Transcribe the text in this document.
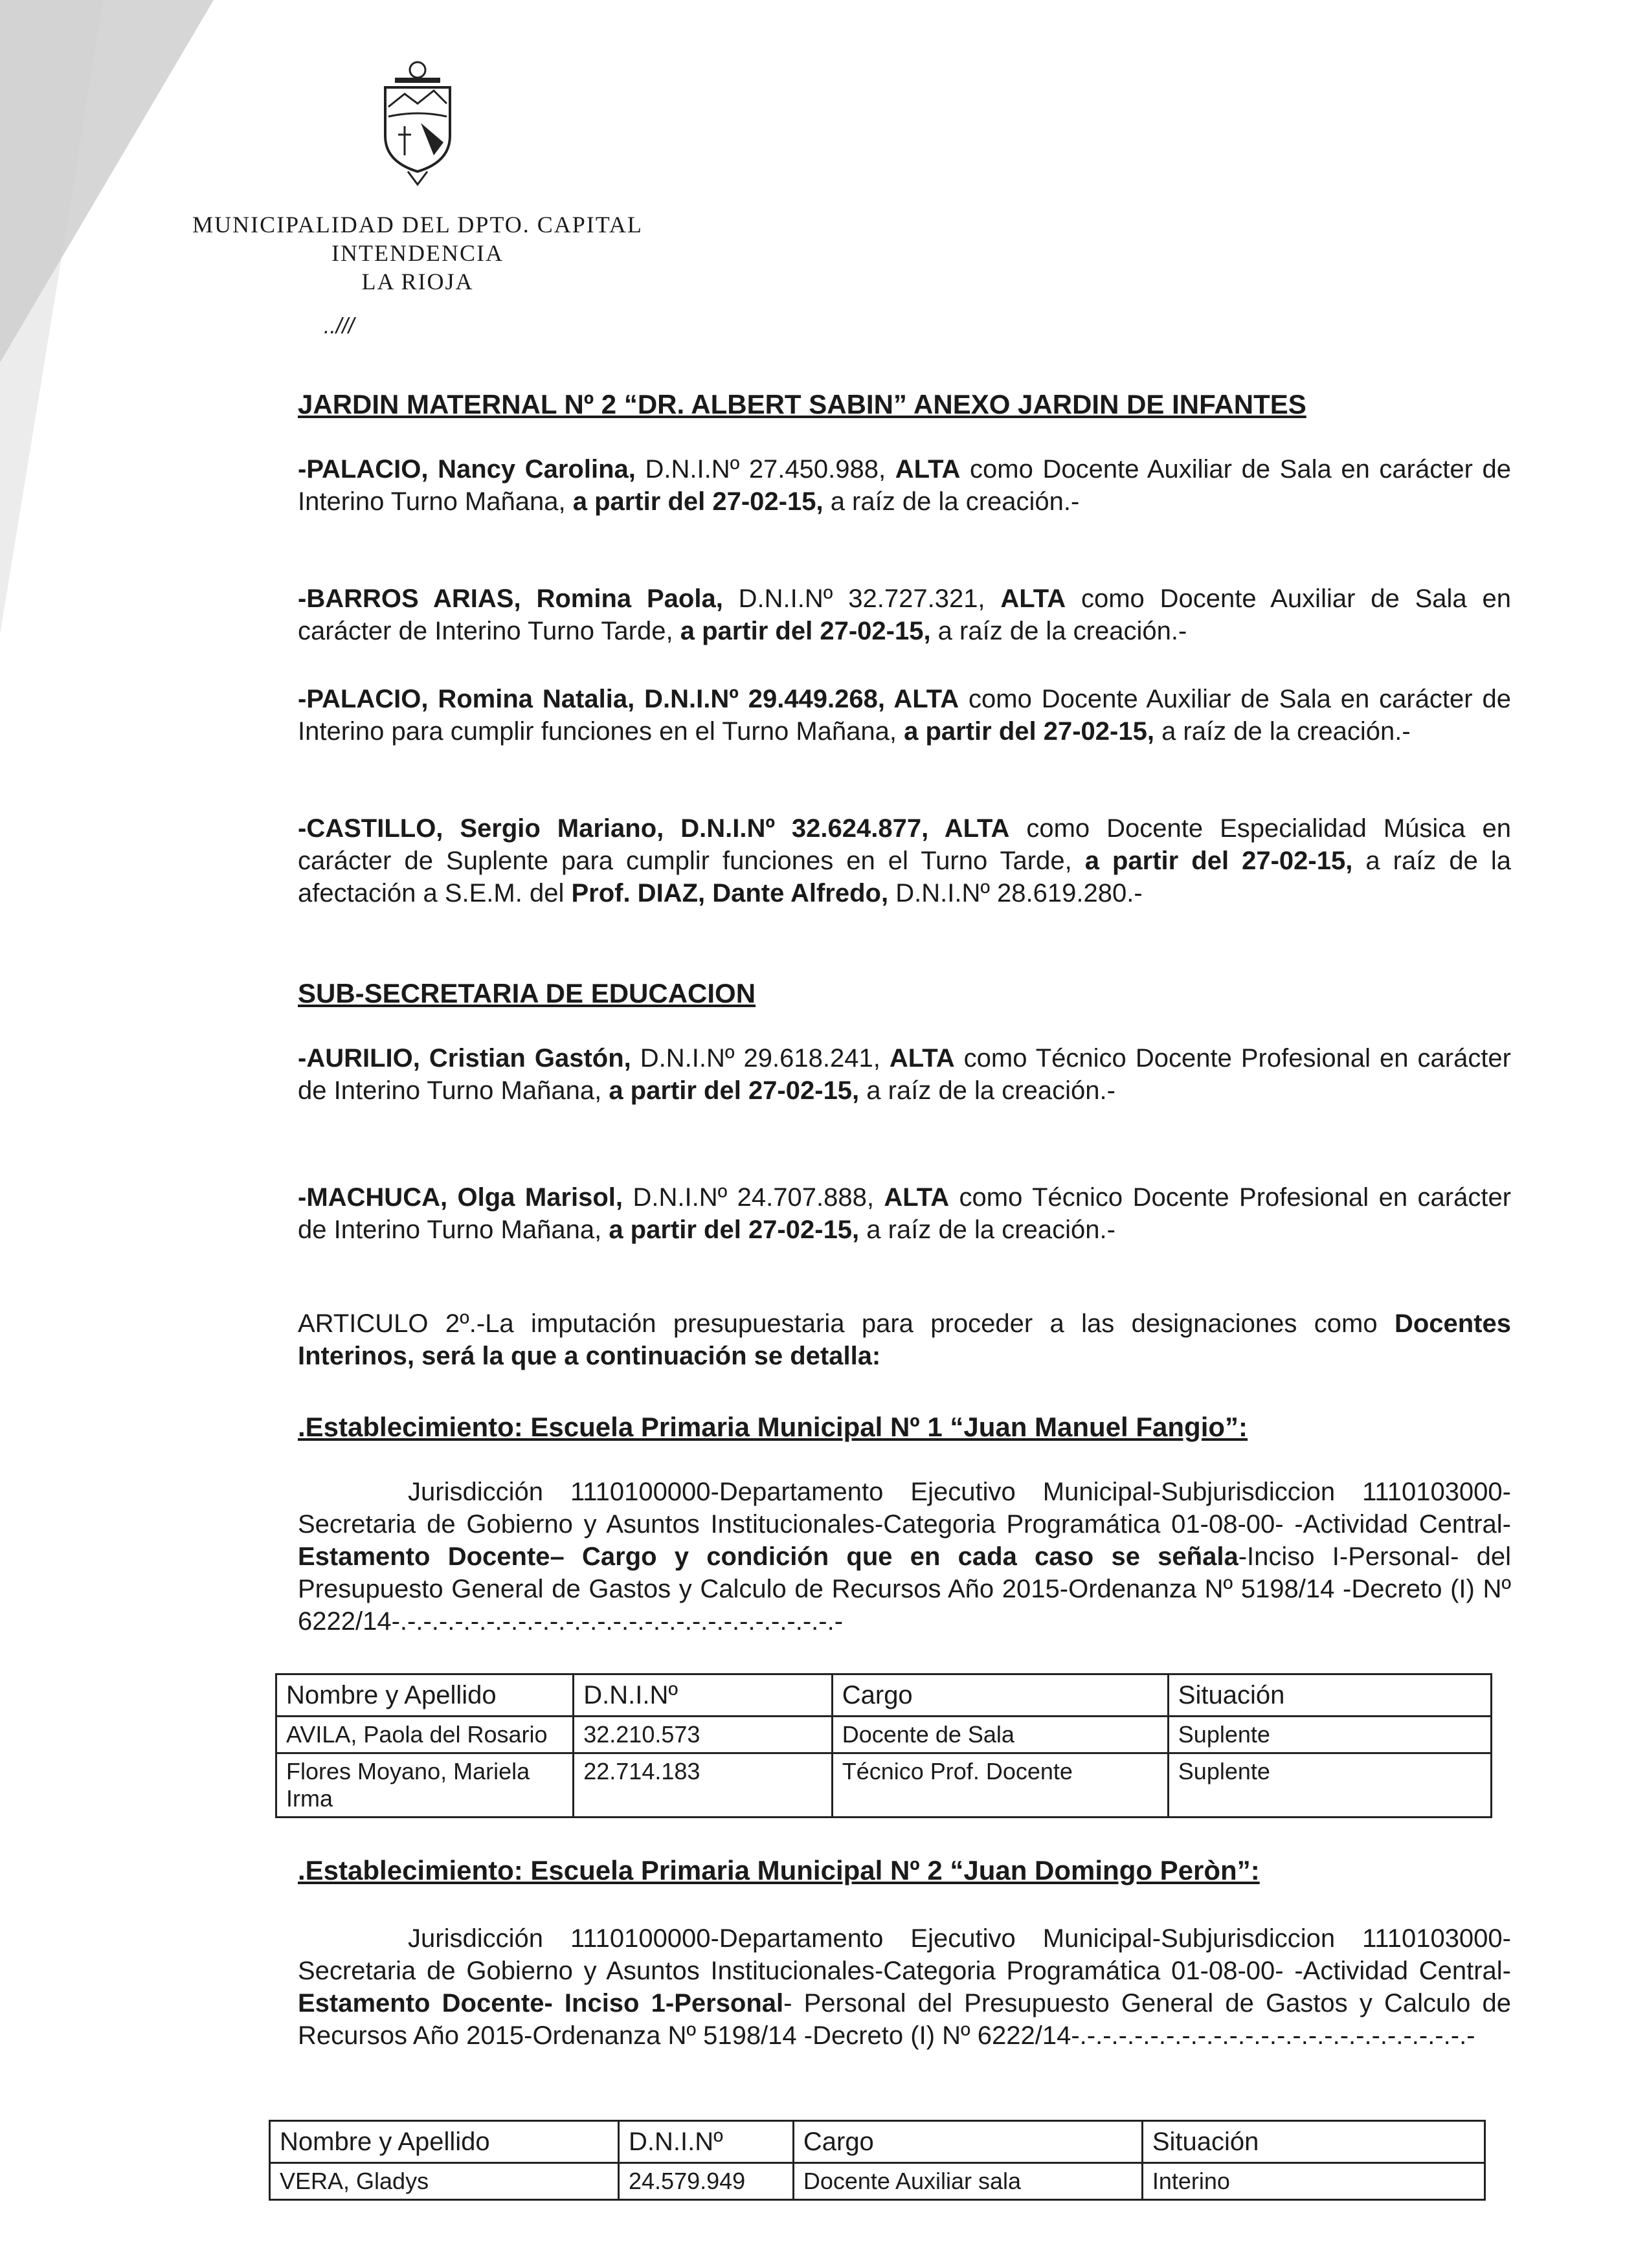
MUNICIPALIDAD DEL DPTO. CAPITAL
INTENDENCIA
LA RIOJA
..///
JARDIN MATERNAL Nº 2 “DR. ALBERT SABIN” ANEXO JARDIN DE INFANTES
-PALACIO, Nancy Carolina, D.N.I.Nº 27.450.988, ALTA como Docente Auxiliar de Sala en carácter de Interino Turno Mañana, a partir del 27-02-15, a raíz de la creación.-
-BARROS ARIAS, Romina Paola, D.N.I.Nº 32.727.321, ALTA como Docente Auxiliar de Sala en carácter de Interino Turno Tarde, a partir del 27-02-15, a raíz de la creación.-
-PALACIO, Romina Natalia, D.N.I.Nº 29.449.268, ALTA como Docente Auxiliar de Sala en carácter de Interino para cumplir funciones en el Turno Mañana, a partir del 27-02-15, a raíz de la creación.-
-CASTILLO, Sergio Mariano, D.N.I.Nº 32.624.877, ALTA como Docente Especialidad Música en carácter de Suplente para cumplir funciones en el Turno Tarde, a partir del 27-02-15, a raíz de la afectación a S.E.M. del Prof. DIAZ, Dante Alfredo, D.N.I.Nº 28.619.280.-
SUB-SECRETARIA DE EDUCACION
-AURILIO, Cristian Gastón, D.N.I.Nº 29.618.241, ALTA como Técnico Docente Profesional en carácter de Interino Turno Mañana, a partir del 27-02-15, a raíz de la creación.-
-MACHUCA, Olga Marisol, D.N.I.Nº 24.707.888, ALTA como Técnico Docente Profesional en carácter de Interino Turno Mañana, a partir del 27-02-15, a raíz de la creación.-
ARTICULO 2º.-La imputación presupuestaria para proceder a las designaciones como Docentes Interinos, será la que a continuación se detalla:
.Establecimiento: Escuela Primaria Municipal Nº 1 “Juan Manuel Fangio”:
Jurisdicción 1110100000-Departamento Ejecutivo Municipal-Subjurisdiccion 1110103000-Secretaria de Gobierno y Asuntos Institucionales-Categoria Programática 01-08-00- -Actividad Central-Estamento Docente– Cargo y condición que en cada caso se señala-Inciso I-Personal- del Presupuesto General de Gastos y Calculo de Recursos Año 2015-Ordenanza Nº 5198/14 -Decreto (I) Nº 6222/14-.-.-.-.-.-.-.-.-.-.-.-.-.-.-.-.-.-.-.-.-.-.-.-.-.-.-.-.-
Nombre y Apellido	D.N.I.Nº	Cargo	Situación
AVILA, Paola del Rosario	32.210.573	Docente de Sala	Suplente
Flores Moyano, Mariela Irma	22.714.183	Técnico Prof. Docente	Suplente
.Establecimiento: Escuela Primaria Municipal Nº 2 “Juan Domingo Peròn”:
Jurisdicción 1110100000-Departamento Ejecutivo Municipal-Subjurisdiccion 1110103000-Secretaria de Gobierno y Asuntos Institucionales-Categoria Programática 01-08-00- -Actividad Central- Estamento Docente- Inciso 1-Personal- Personal del Presupuesto General de Gastos y Calculo de Recursos Año 2015-Ordenanza Nº 5198/14 -Decreto (I) Nº 6222/14-.-.-.-.-.-.-.-.-.-.-.-.-.-.-.-.-.-.-.-.-.-.-.-.-.-
Nombre y Apellido	D.N.I.Nº	Cargo	Situación
VERA, Gladys	24.579.949	Docente Auxiliar sala	Interino
